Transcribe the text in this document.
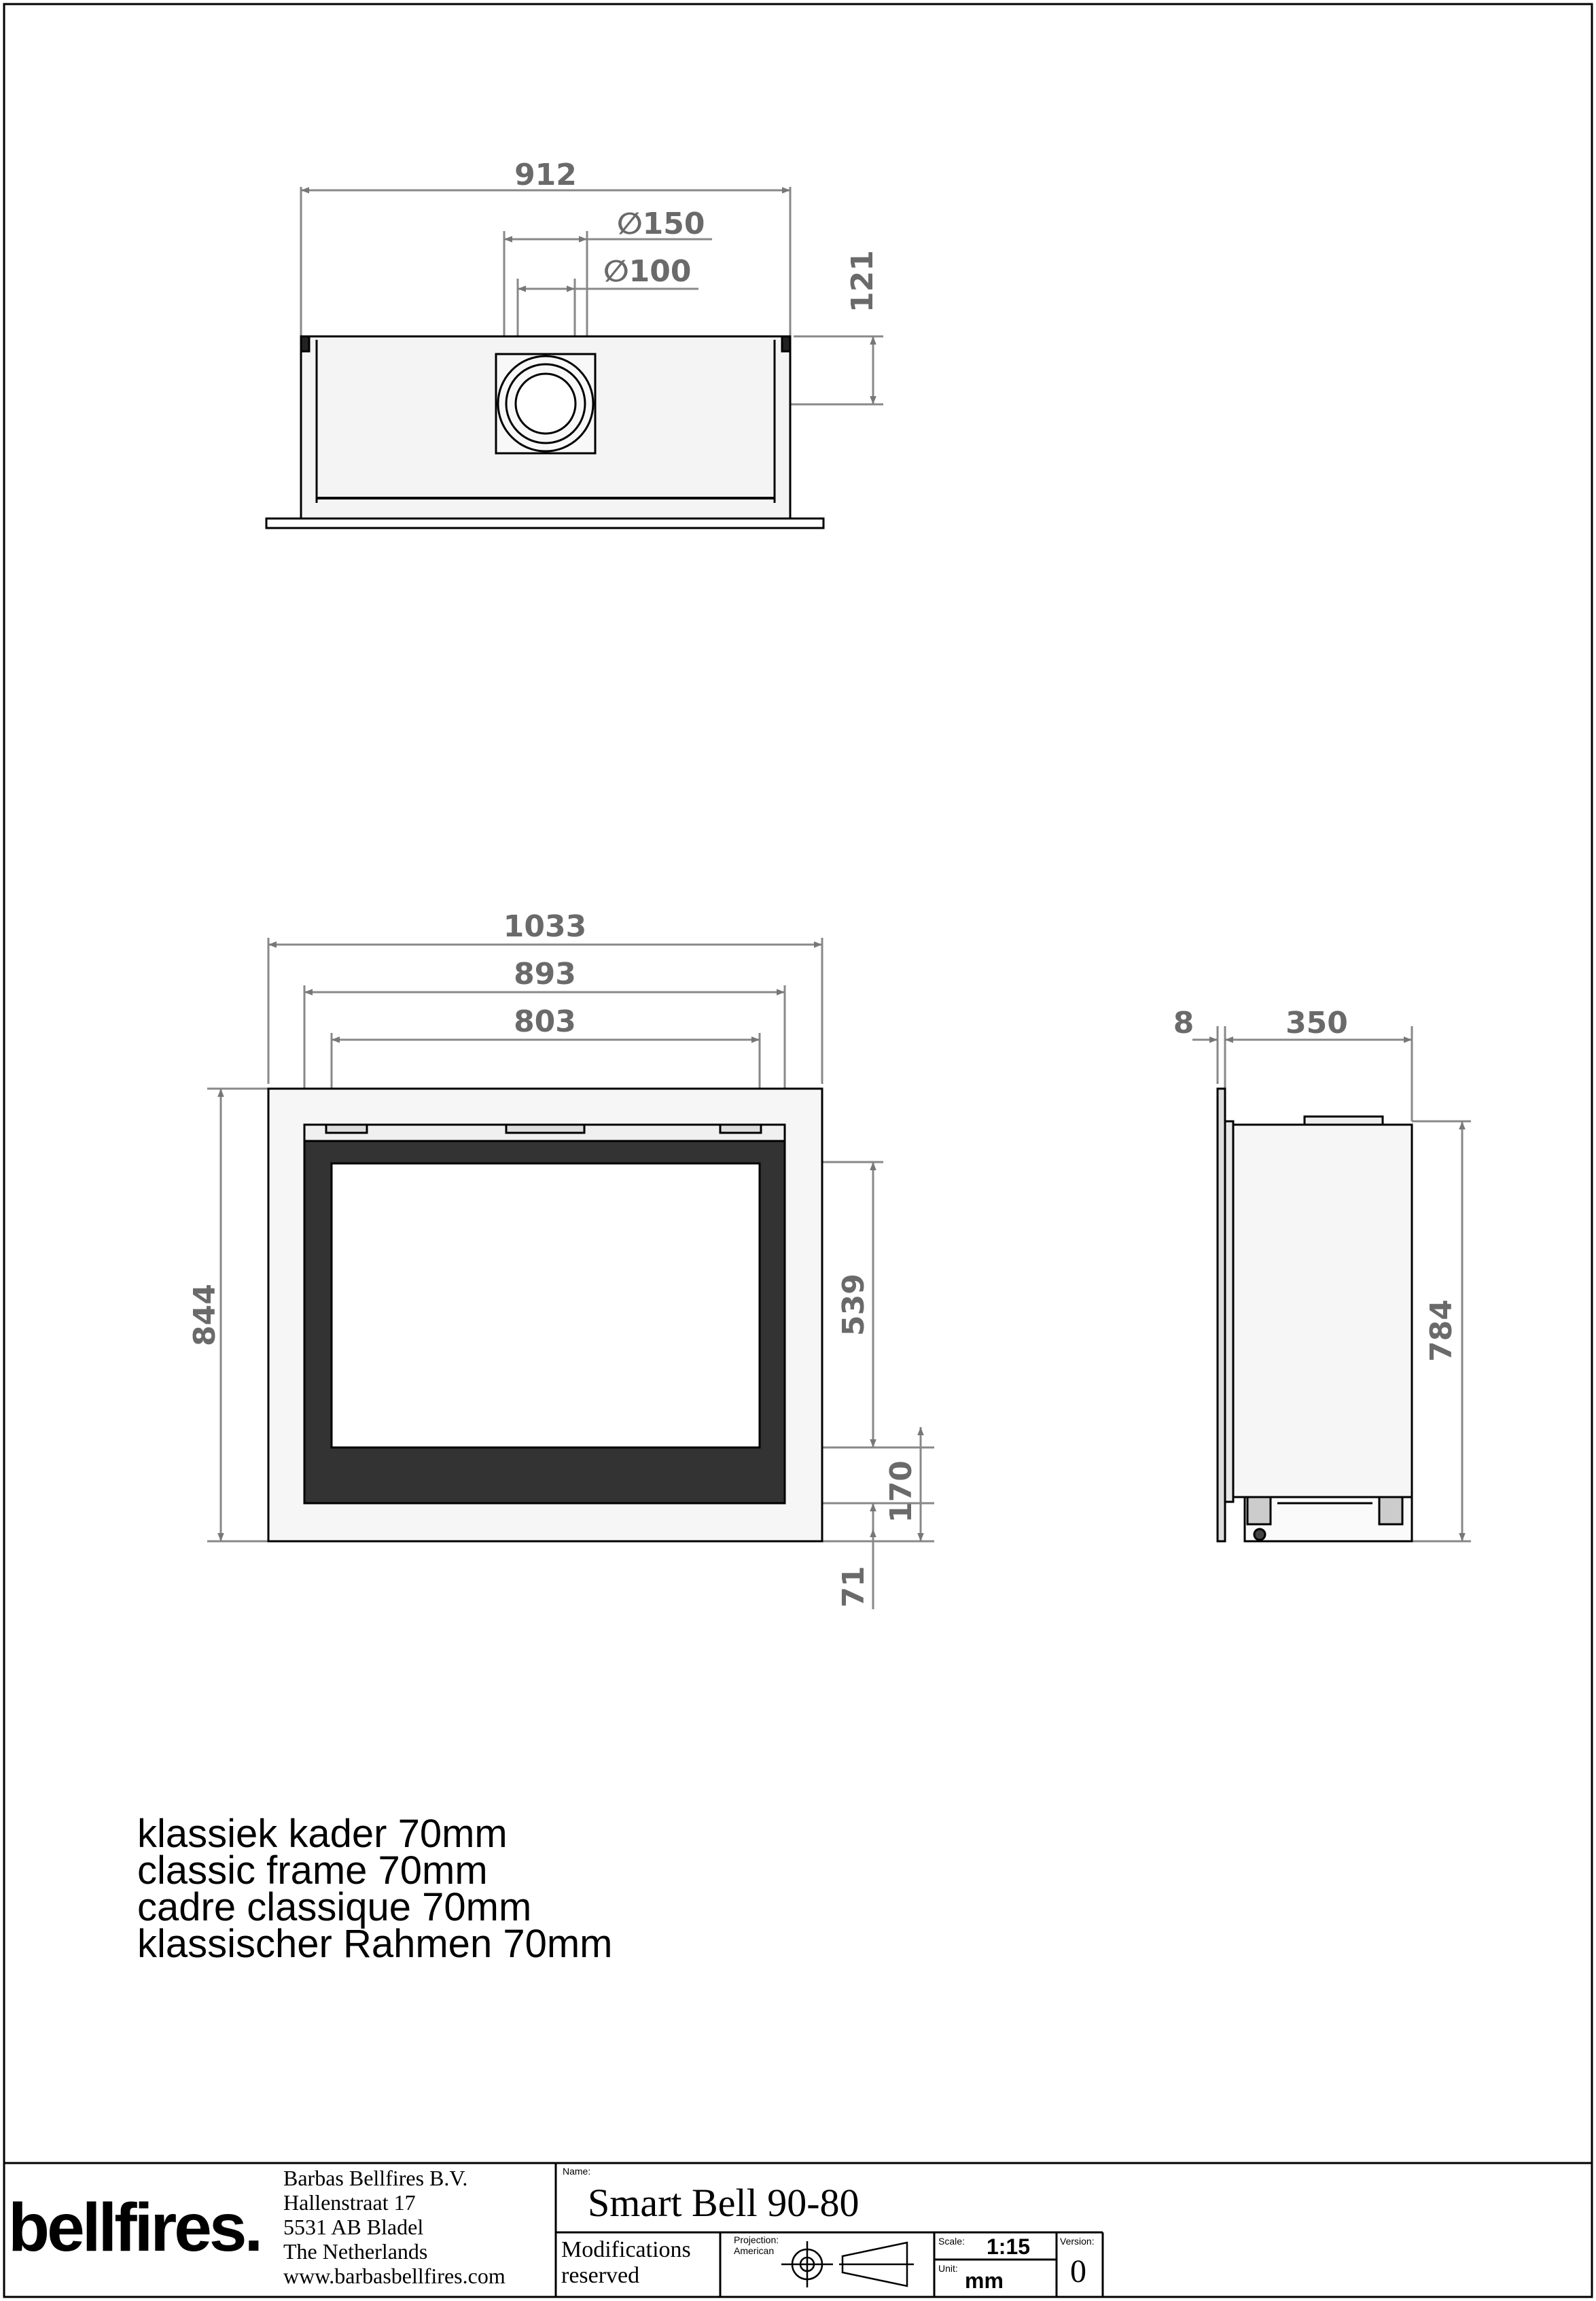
912
∅150
∅100	121
1033
893
803
844	539
170
71
8	350
784
klassiek kader 70mm
classic frame 70mm
cadre classique 70mm
klassischer Rahmen 70mm
bellfires.
Barbas Bellfires B.V.
Hallenstraat 17
5531 AB Bladel
The Netherlands
www.barbasbellfires.com
Name:
Smart Bell 90-80
Modifications
reserved
Projection:
American
Scale: 1:15
Unit: mm
Version:
0
